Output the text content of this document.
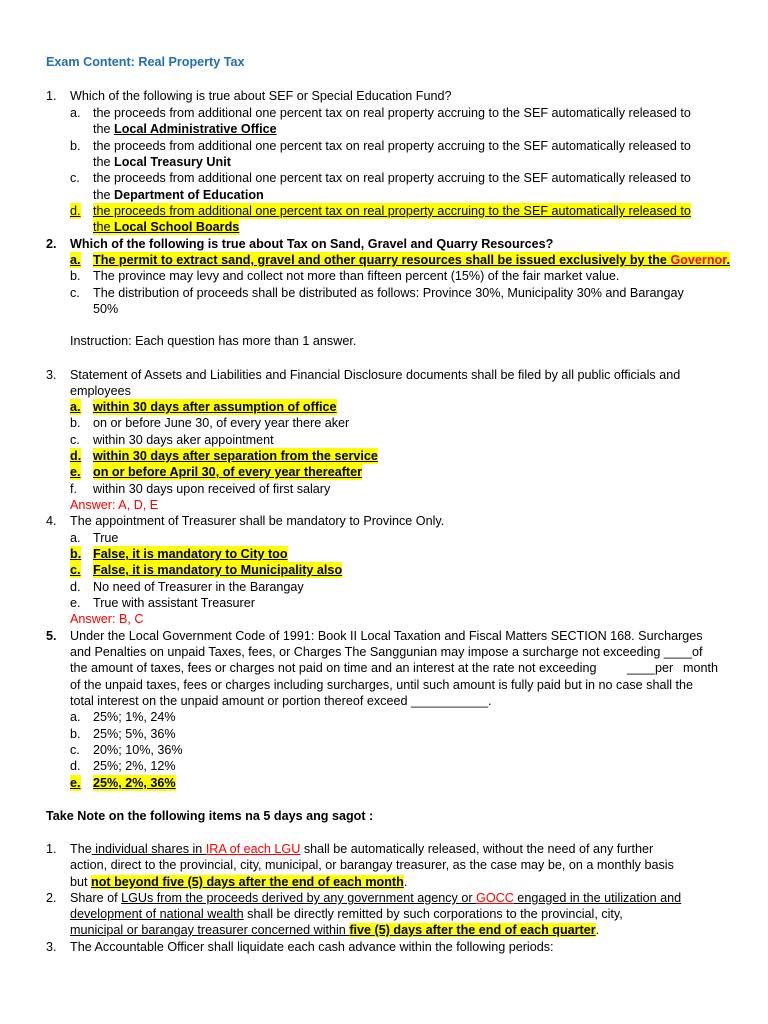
Exam Content: Real Property Tax
1. Which of the following is true about SEF or Special Education Fund?
a. the proceeds from additional one percent tax on real property accruing to the SEF automatically released to
the Local Administrative Office
b. the proceeds from additional one percent tax on real property accruing to the SEF automatically released to
the Local Treasury Unit
c. the proceeds from additional one percent tax on real property accruing to the SEF automatically released to
the Department of Education
d. the proceeds from additional one percent tax on real property accruing to the SEF automatically released to
the Local School Boards
2. Which of the following is true about Tax on Sand, Gravel and Quarry Resources?
a. The permit to extract sand, gravel and other quarry resources shall be issued exclusively by the Governor.
b. The province may levy and collect not more than fifteen percent (15%) of the fair market value.
c. The distribution of proceeds shall be distributed as follows: Province 30%, Municipality 30% and Barangay
50%
Instruction: Each question has more than 1 answer.
3. Statement of Assets and Liabilities and Financial Disclosure documents shall be filed by all public officials and
employees
a. within 30 days after assumption of office
b. on or before June 30, of every year there aker
c. within 30 days aker appointment
d. within 30 days after separation from the service
e. on or before April 30, of every year thereafter
f. within 30 days upon received of first salary
Answer: A, D, E
4. The appointment of Treasurer shall be mandatory to Province Only.
a. True
b. False, it is mandatory to City too
c. False, it is mandatory to Municipality also
d. No need of Treasurer in the Barangay
e. True with assistant Treasurer
Answer: B, C
5. Under the Local Government Code of 1991: Book II Local Taxation and Fiscal Matters SECTION 168. Surcharges
and Penalties on unpaid Taxes, fees, or Charges The Sanggunian may impose a surcharge not exceeding ____of
the amount of taxes, fees or charges not paid on time and an interest at the rate not exceeding ____per month
of the unpaid taxes, fees or charges including surcharges, until such amount is fully paid but in no case shall the
total interest on the unpaid amount or portion thereof exceed ___________.
a. 25%; 1%, 24%
b. 25%; 5%, 36%
c. 20%; 10%, 36%
d. 25%; 2%, 12%
e. 25%, 2%, 36%
Take Note on the following items na 5 days ang sagot :
1. The individual shares in IRA of each LGU shall be automatically released, without the need of any further
action, direct to the provincial, city, municipal, or barangay treasurer, as the case may be, on a monthly basis
but not beyond five (5) days after the end of each month.
2. Share of LGUs from the proceeds derived by any government agency or GOCC engaged in the utilization and
development of national wealth shall be directly remitted by such corporations to the provincial, city,
municipal or barangay treasurer concerned within five (5) days after the end of each quarter.
3. The Accountable Officer shall liquidate each cash advance within the following periods:
